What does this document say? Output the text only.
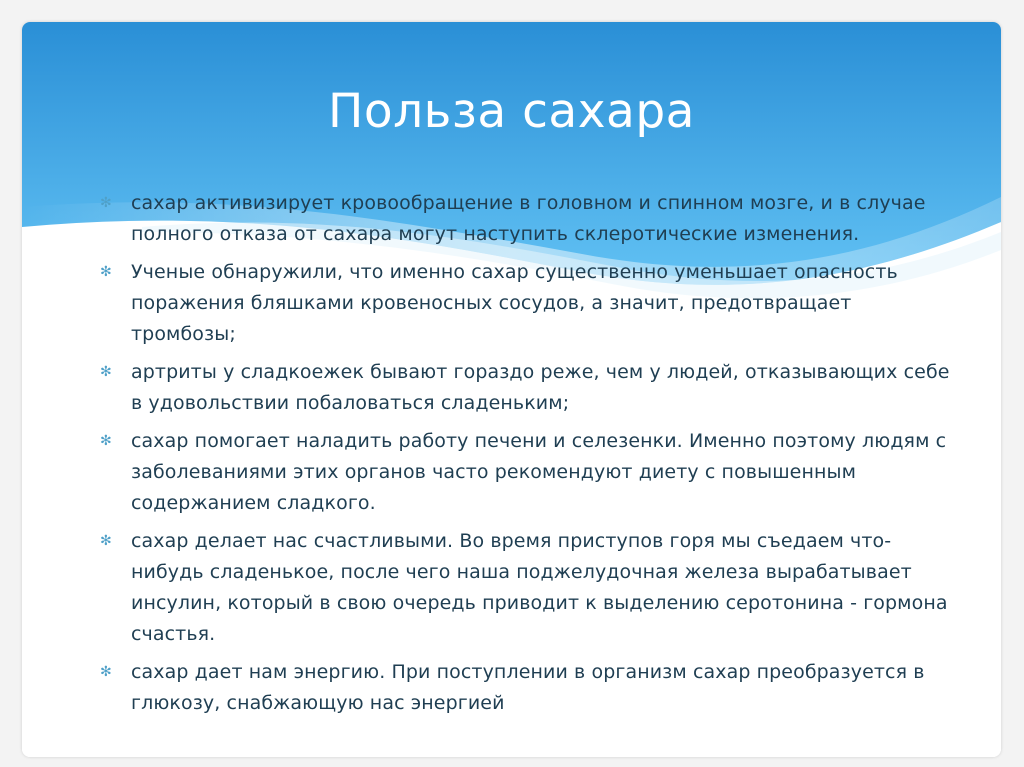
Польза сахара
✻ сахар активизирует кровообращение в головном и спинном мозге, и в случае полного отказа от сахара могут наступить склеротические изменения.
✻ Ученые обнаружили, что именно сахар существенно уменьшает опасность поражения бляшками кровеносных сосудов, а значит, предотвращает тромбозы;
✻ артриты у сладкоежек бывают гораздо реже, чем у людей, отказывающих себе в удовольствии побаловаться сладеньким;
✻ сахар помогает наладить работу печени и селезенки. Именно поэтому людям с заболеваниями этих органов часто рекомендуют диету с повышенным содержанием сладкого.
✻ сахар делает нас счастливыми. Во время приступов горя мы съедаем что-нибудь сладенькое, после чего наша поджелудочная железа вырабатывает инсулин, который в свою очередь приводит к выделению серотонина - гормона счастья.
✻ сахар дает нам энергию. При поступлении в организм сахар преобразуется в глюкозу, снабжающую нас энергией
